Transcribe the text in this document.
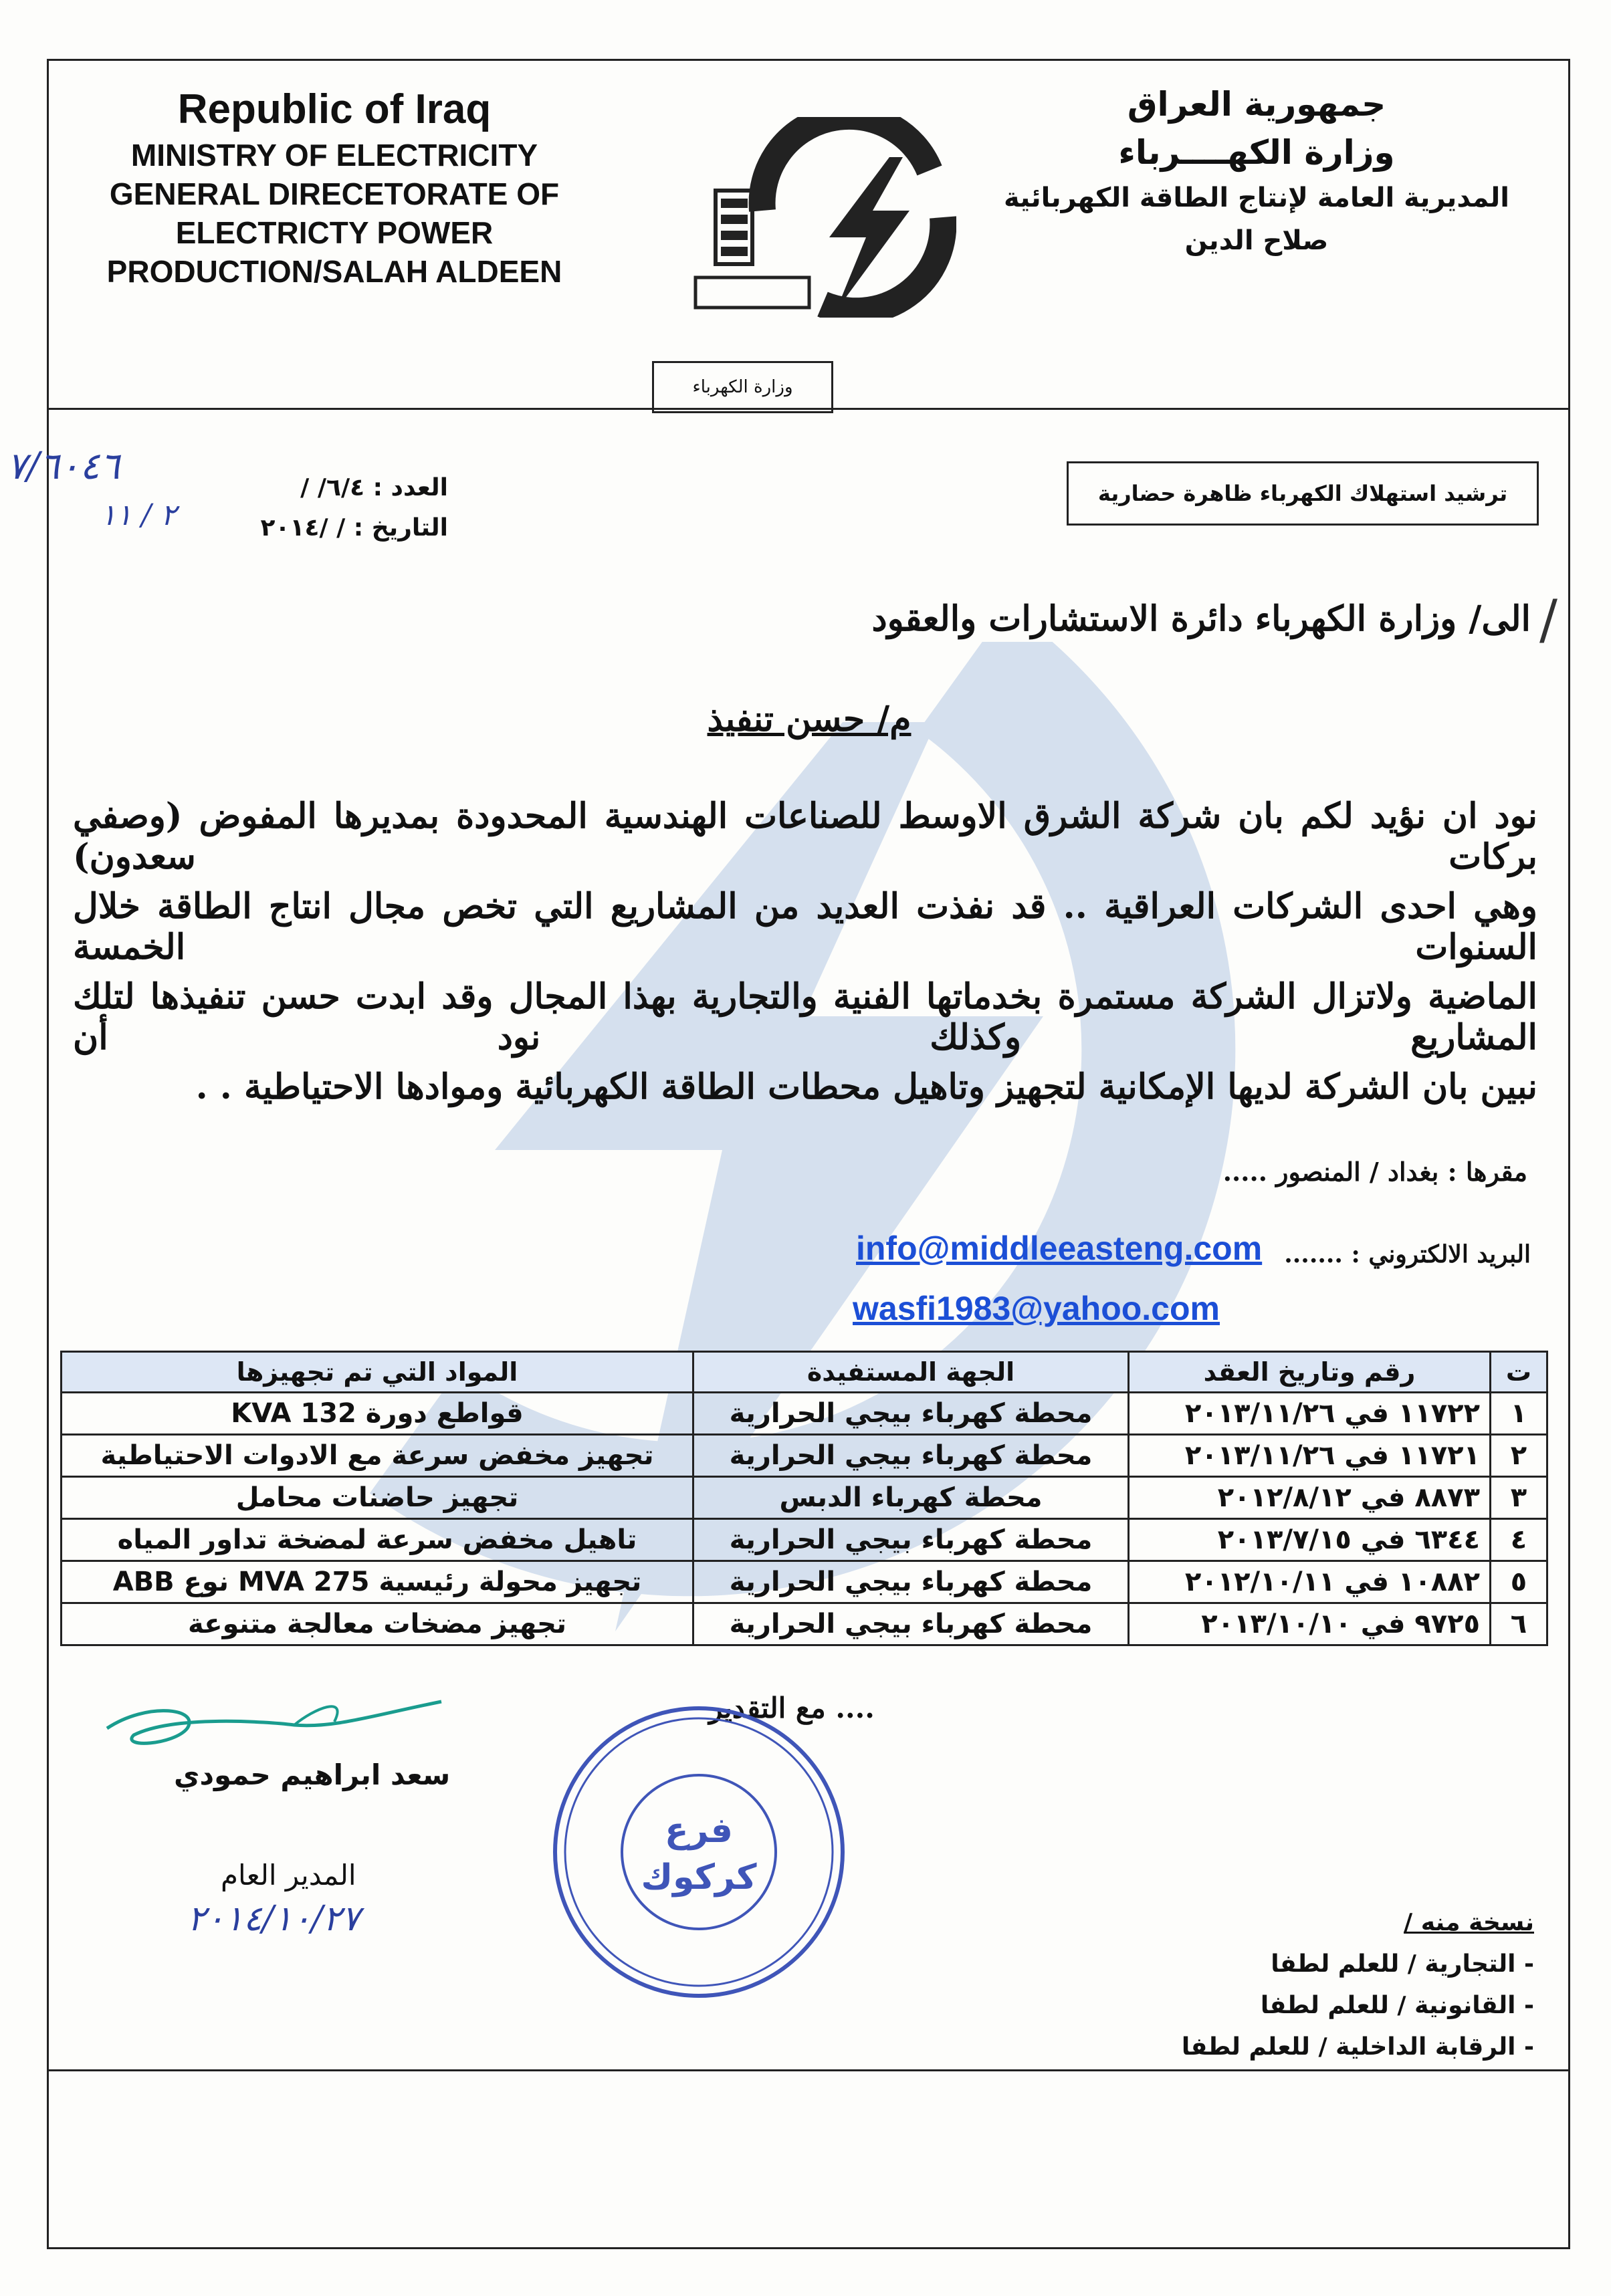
Republic of Iraq
MINISTRY OF ELECTRICITY
GENERAL DIRECETORATE OF
ELECTRICTY POWER
PRODUCTION/SALAH ALDEEN
جمهورية العراق
وزارة الكهــــرباء
المديرية العامة لإنتاج الطاقة الكهربائية
صلاح الدين
وزارة الكهرباء
ترشيد استهلاك الكهرباء ظاهرة حضارية
العدد : ٦/٤/ /
التاريخ : / /٢٠١٤
٧/٦٠٤٦
٢ / ١١
/
الى/ وزارة الكهرباء دائرة الاستشارات والعقود
م/ حسن تنفيذ
نود ان نؤيد لكم بان شركة الشرق الاوسط للصناعات الهندسية المحدودة بمديرها المفوض (وصفي بركات سعدون)
وهي احدى الشركات العراقية .. قد نفذت العديد من المشاريع التي تخص مجال انتاج الطاقة خلال السنوات الخمسة
الماضية ولاتزال الشركة مستمرة بخدماتها الفنية والتجارية بهذا المجال وقد ابدت حسن تنفيذها لتلك المشاريع وكذلك نود أن
نبين بان الشركة لديها الإمكانية لتجهيز وتاهيل محطات الطاقة الكهربائية وموادها الاحتياطية . .
مقرها : بغداد / المنصور .....
البريد الالكتروني : .......
info@middleeasteng.com
wasfi1983@yahoo.com
ت	رقم وتاريخ العقد	الجهة المستفيدة	المواد التي تم تجهيزها
١	١١٧٢٢ في ٢٠١٣/١١/٢٦	محطة كهرباء بيجي الحرارية	قواطع دورة KVA 132
٢	١١٧٢١ في ٢٠١٣/١١/٢٦	محطة كهرباء بيجي الحرارية	تجهيز مخفض سرعة مع الادوات الاحتياطية
٣	٨٨٧٣ في ٢٠١٢/٨/١٢	محطة كهرباء الدبس	تجهيز حاضنات محامل
٤	٦٣٤٤ في ٢٠١٣/٧/١٥	محطة كهرباء بيجي الحرارية	تاهيل مخفض سرعة لمضخة تداور المياه
٥	١٠٨٨٢ في ٢٠١٢/١٠/١١	محطة كهرباء بيجي الحرارية	تجهيز محولة رئيسية 275 MVA نوع ABB
٦	٩٧٢٥ في ٢٠١٣/١٠/١٠	محطة كهرباء بيجي الحرارية	تجهيز مضخات معالجة متنوعة
.... مع التقدير
سعد ابراهيم حمودي
المدير العام
٢٠١٤/١٠/٢٧
فرع
كركوك
نسخة منه /
- التجارية / للعلم لطفا
- القانونية / للعلم لطفا
- الرقابة الداخلية / للعلم لطفا
